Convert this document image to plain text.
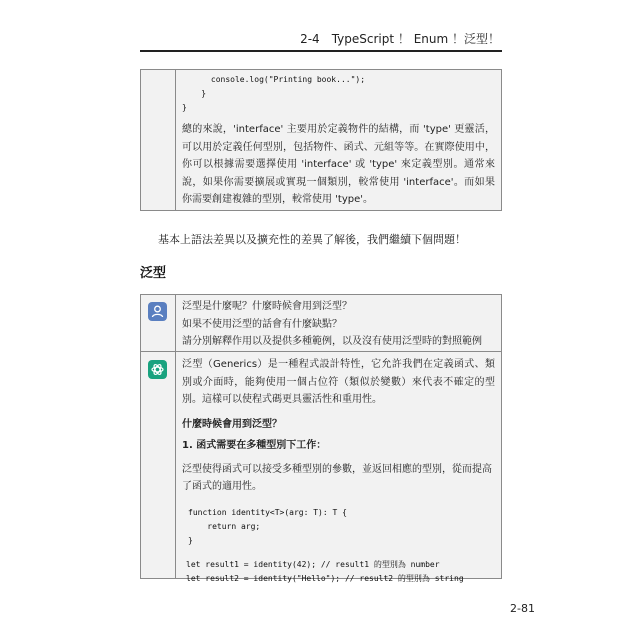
2-4　TypeScript ！ Enum ！泛型！
console.log("Printing book...");
}
}

總的來說，'interface' 主要用於定義物件的結構，而 'type' 更靈活，可以用於定義任何型別，包括物件、函式、元組等等。在實際使用中，你可以根據需要選擇使用 'interface' 或 'type' 來定義型別。通常來說，如果你需要擴展或實現一個類別，較常使用 'interface'。而如果你需要創建複雜的型別，較常使用 'type'。

基本上語法差異以及擴充性的差異了解後，我們繼續下個問題！
泛型

泛型是什麼呢？什麼時候會用到泛型？

如果不使用泛型的話會有什麼缺點？

請分別解釋作用以及提供多種範例，以及沒有使用泛型時的對照範例

泛型（Generics）是一種程式設計特性，它允許我們在定義函式、類別或介面時，能夠使用一個占位符（類似於變數）來代表不確定的型別。這樣可以使程式碼更具靈活性和重用性。

什麼時候會用到泛型？

1. 函式需要在多種型別下工作：

泛型使得函式可以接受多種型別的參數，並返回相應的型別，從而提高了函式的適用性。

function identity<T>(arg: T): T {
return arg;
}
let result1 = identity(42); // result1 的型別為 number
let result2 = identity("Hello"); // result2 的型別為 string
2-81
